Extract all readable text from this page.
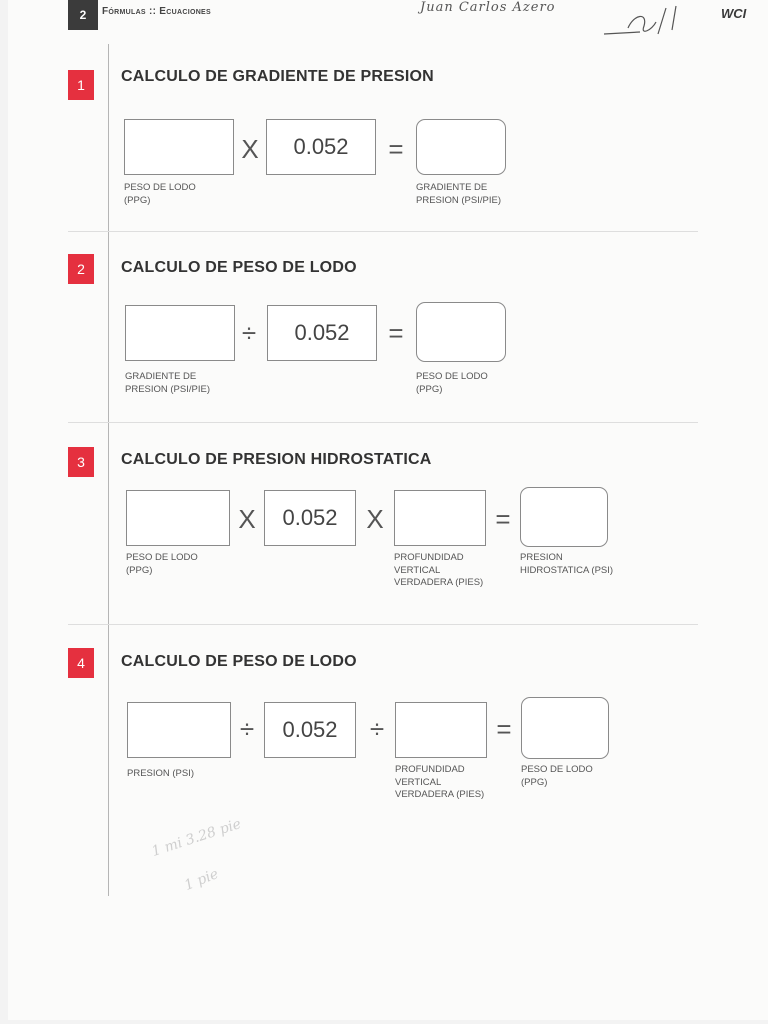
2	Fórmulas :: Ecuaciones	Juan Carlos Azero	WCI
1	CALCULO DE GRADIENTE DE PRESION
X	0.052	=
PESO DE LODO
(PPG)
GRADIENTE DE
PRESION (PSI/PIE)
2	CALCULO DE PESO DE LODO
÷	0.052	=
GRADIENTE DE
PRESION (PSI/PIE)
PESO DE LODO
(PPG)
3	CALCULO DE PRESION HIDROSTATICA
X	0.052	X	=
PESO DE LODO
(PPG)
PROFUNDIDAD
VERTICAL
VERDADERA (PIES)
PRESION
HIDROSTATICA (PSI)
4	CALCULO DE PESO DE LODO
÷	0.052	÷	=
PRESION (PSI)	PROFUNDIDAD
VERTICAL
VERDADERA (PIES)
PESO DE LODO
(PPG)
1 mi 3.28 pie
1 pie
